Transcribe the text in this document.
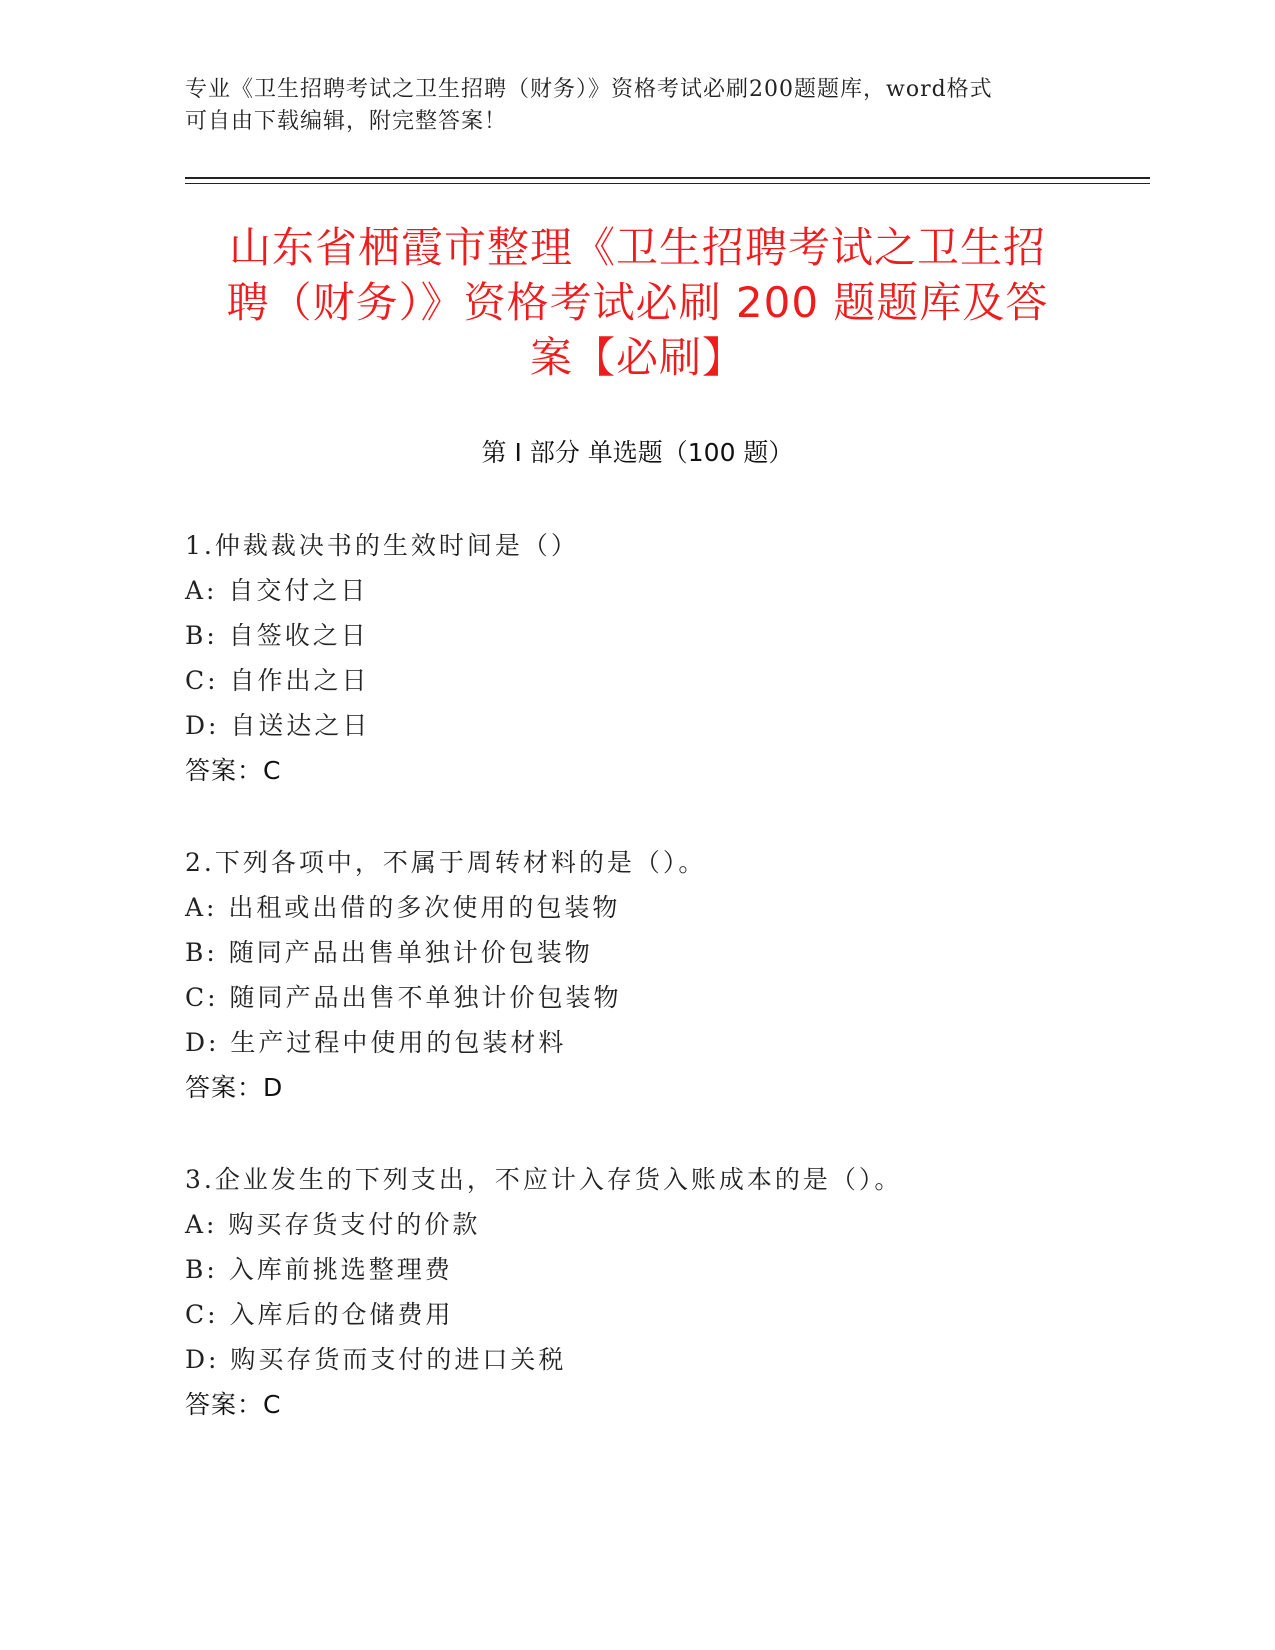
专业《卫生招聘考试之卫生招聘（财务）》资格考试必刷200题题库，word格式
可自由下载编辑，附完整答案！
山东省栖霞市整理《卫生招聘考试之卫生招
聘（财务）》资格考试必刷 200 题题库及答
案【必刷】
第 I 部分 单选题（100 题）
1.仲裁裁决书的生效时间是（）
A: 自交付之日
B: 自签收之日
C: 自作出之日
D: 自送达之日
答案：C
2.下列各项中，不属于周转材料的是（）。
A: 出租或出借的多次使用的包装物
B: 随同产品出售单独计价包装物
C: 随同产品出售不单独计价包装物
D: 生产过程中使用的包装材料
答案：D
3.企业发生的下列支出，不应计入存货入账成本的是（）。
A: 购买存货支付的价款
B: 入库前挑选整理费
C: 入库后的仓储费用
D: 购买存货而支付的进口关税
答案：C
